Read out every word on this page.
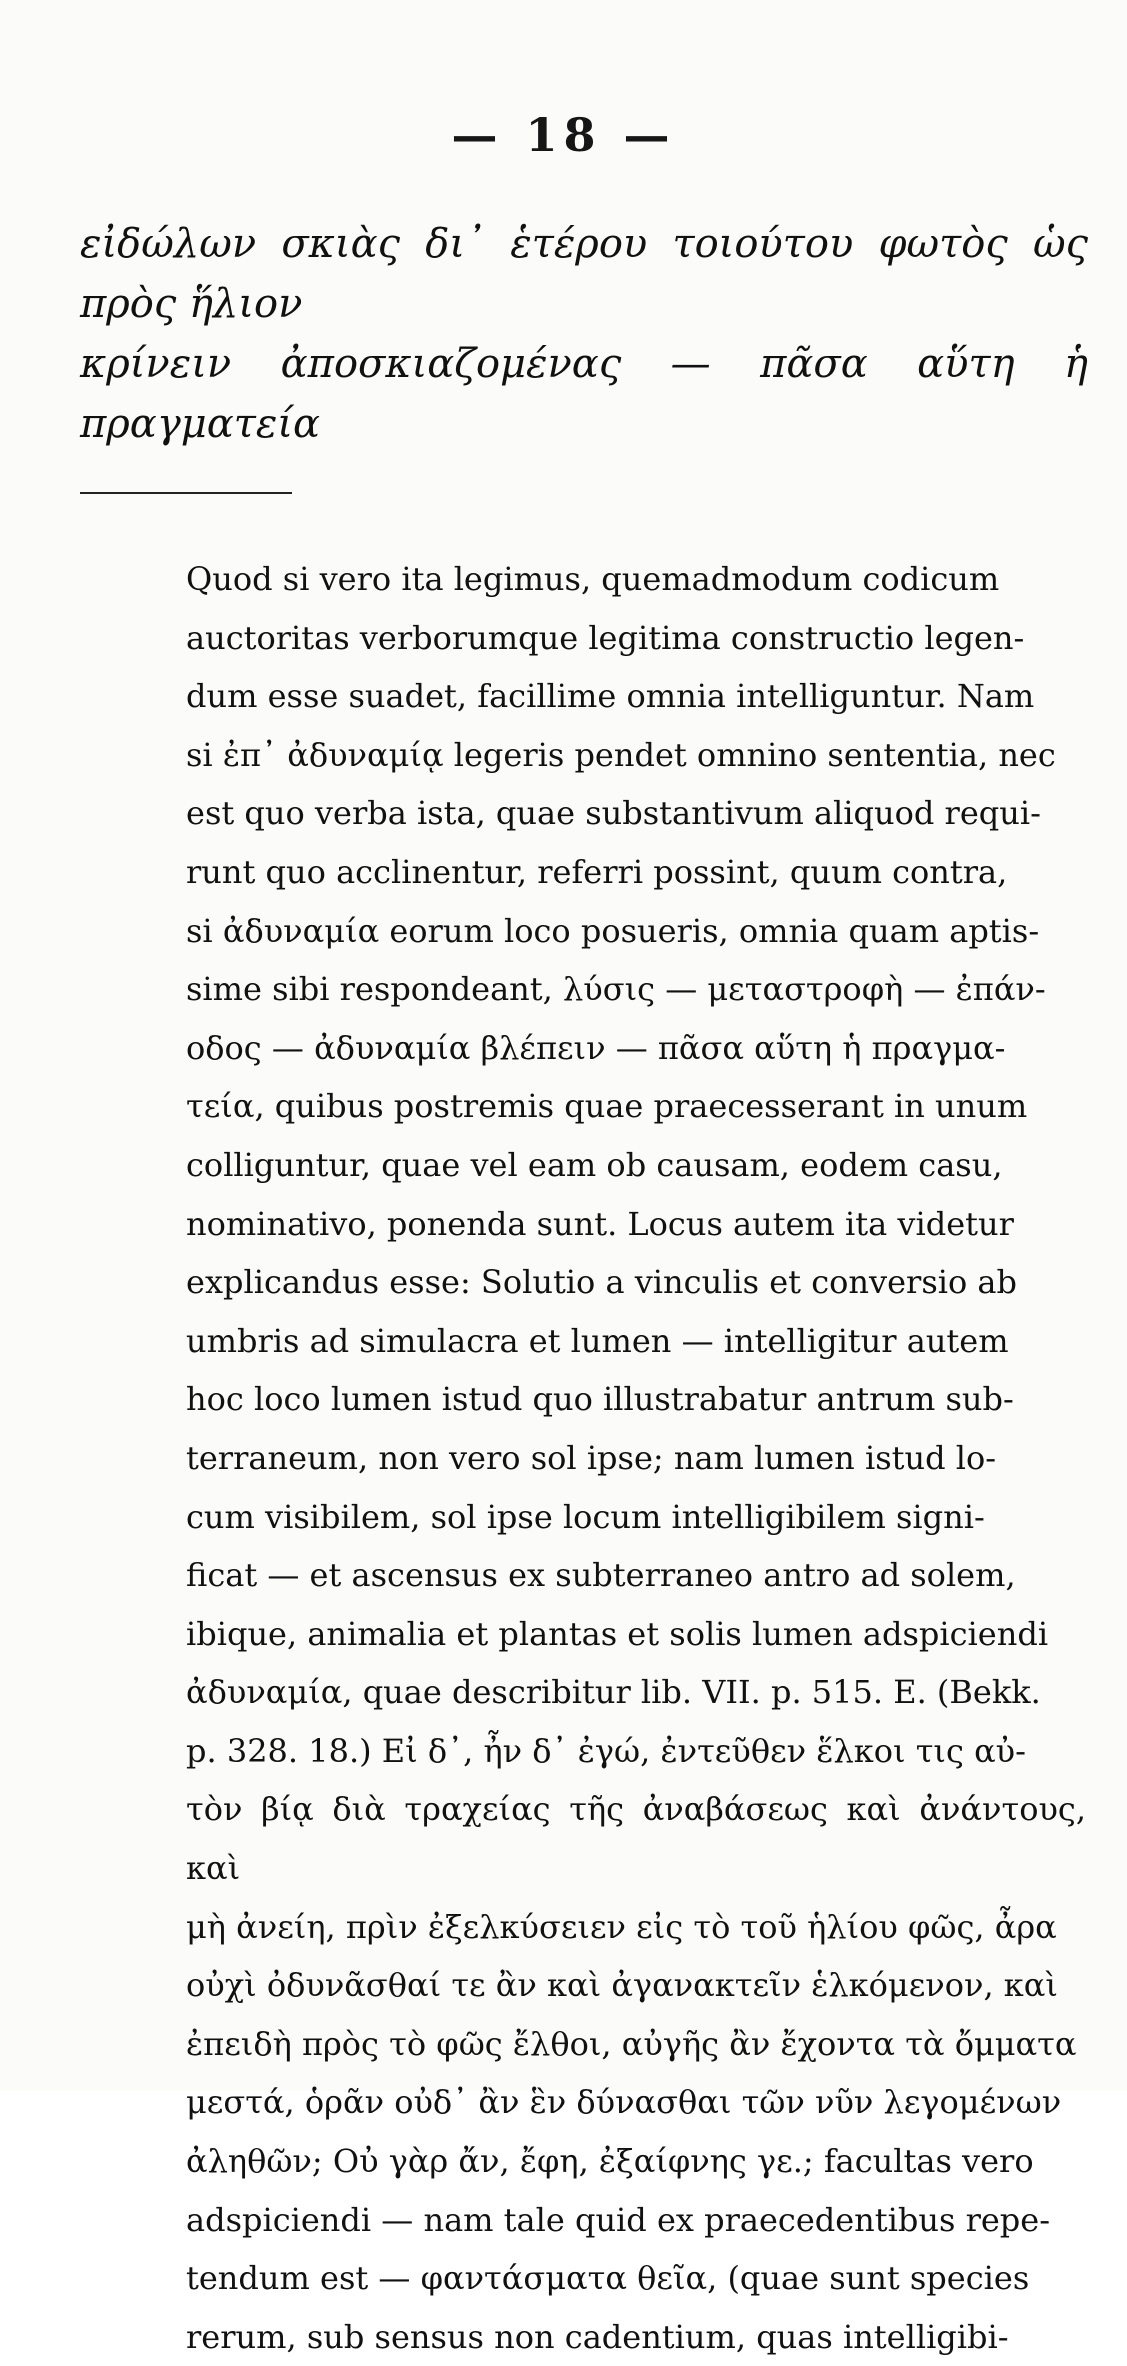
— 18 —

εἰδώλων σκιὰς δι᾽ ἑτέρου τοιούτου φωτὸς ὡς πρὸς ἥλιον

κρίνειν ἀποσκιαζομένας — πᾶσα αὕτη ἡ πραγματεία

Quod si vero ita legimus, quemadmodum codicum

auctoritas verborumque legitima constructio legen-

dum esse suadet, facillime omnia intelliguntur. Nam

si ἐπ᾽ ἀδυναμίᾳ legeris pendet omnino sententia, nec

est quo verba ista, quae substantivum aliquod requi-

runt quo acclinentur, referri possint, quum contra,

si ἀδυναμία eorum loco posueris, omnia quam aptis-

sime sibi respondeant, λύσις — μεταστροφὴ — ἐπάν-

οδος — ἀδυναμία βλέπειν — πᾶσα αὕτη ἡ πραγμα-

τεία, quibus postremis quae praecesserant in unum

colliguntur, quae vel eam ob causam, eodem casu,

nominativo, ponenda sunt. Locus autem ita videtur

explicandus esse: Solutio a vinculis et conversio ab

umbris ad simulacra et lumen — intelligitur autem

hoc loco lumen istud quo illustrabatur antrum sub-

terraneum, non vero sol ipse; nam lumen istud lo-

cum visibilem, sol ipse locum intelligibilem signi-

ficat — et ascensus ex subterraneo antro ad solem,

ibique, animalia et plantas et solis lumen adspiciendi

ἀδυναμία, quae describitur lib. VII. p. 515. E. (Bekk.

p. 328. 18.) Εἰ δ᾽, ἦν δ᾽ ἐγώ, ἐντεῦθεν ἕλκοι τις αὐ-

τὸν βίᾳ διὰ τραχείας τῆς ἀναβάσεως καὶ ἀνάντους, καὶ

μὴ ἀνείη, πρὶν ἐξελκύσειεν εἰς τὸ τοῦ ἡλίου φῶς, ἆρα

οὐχὶ ὀδυνᾶσθαί τε ἂν καὶ ἀγανακτεῖν ἑλκόμενον, καὶ

ἐπειδὴ πρὸς τὸ φῶς ἔλθοι, αὐγῆς ἂν ἔχοντα τὰ ὄμματα

μεστά, ὁρᾶν οὐδ᾽ ἂν ἓν δύνασθαι τῶν νῦν λεγομένων

ἀληθῶν; Οὐ γὰρ ἄν, ἔφη, ἐξαίφνης γε.; facultas vero

adspiciendi — nam tale quid ex praecedentibus repe-

tendum est — φαντάσματα θεῖα, (quae sunt species

rerum, sub sensus non cadentium, quas intelligibi-
